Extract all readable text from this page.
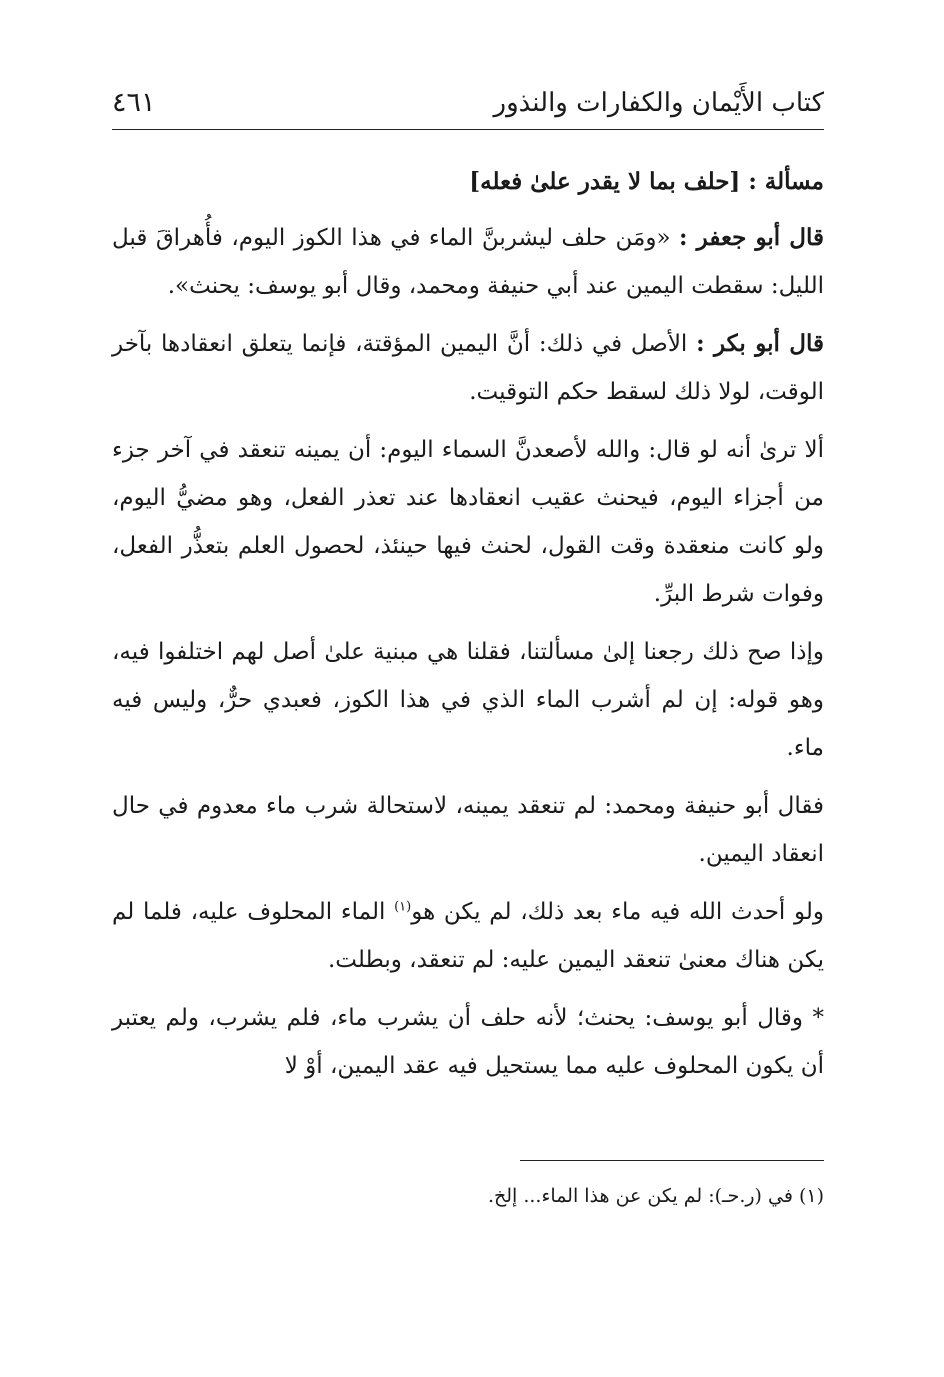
كتاب الأَيْمان والكفارات والنذور
٤٦١

مسألة : [حلف بما لا يقدر علىٰ فعله]

قال أبو جعفر : «ومَن حلف ليشربنَّ الماء في هذا الكوز اليوم، فأُهراقَ قبل الليل: سقطت اليمين عند أبي حنيفة ومحمد، وقال أبو يوسف: يحنث».

قال أبو بكر : الأصل في ذلك: أنَّ اليمين المؤقتة، فإنما يتعلق انعقادها بآخر الوقت، لولا ذلك لسقط حكم التوقيت.

ألا ترىٰ أنه لو قال: والله لأصعدنَّ السماء اليوم: أن يمينه تنعقد في آخر جزء من أجزاء اليوم، فيحنث عقيب انعقادها عند تعذر الفعل، وهو مضيُّ اليوم، ولو كانت منعقدة وقت القول، لحنث فيها حينئذ، لحصول العلم بتعذُّر الفعل، وفوات شرط البرِّ.

وإذا صح ذلك رجعنا إلىٰ مسألتنا، فقلنا هي مبنية علىٰ أصل لهم اختلفوا فيه، وهو قوله: إن لم أشرب الماء الذي في هذا الكوز، فعبدي حرٌّ، وليس فيه ماء.

فقال أبو حنيفة ومحمد: لم تنعقد يمينه، لاستحالة شرب ماء معدوم في حال انعقاد اليمين.

ولو أحدث الله فيه ماء بعد ذلك، لم يكن هو$^{(١)}$ الماء المحلوف عليه، فلما لم يكن هناك معنىٰ تنعقد اليمين عليه: لم تنعقد، وبطلت.

* وقال أبو يوسف: يحنث؛ لأنه حلف أن يشرب ماء، فلم يشرب، ولم يعتبر أن يكون المحلوف عليه مما يستحيل فيه عقد اليمين، أوْ لا

(١) في (ر.حـ): لم يكن عن هذا الماء... إلخ.
